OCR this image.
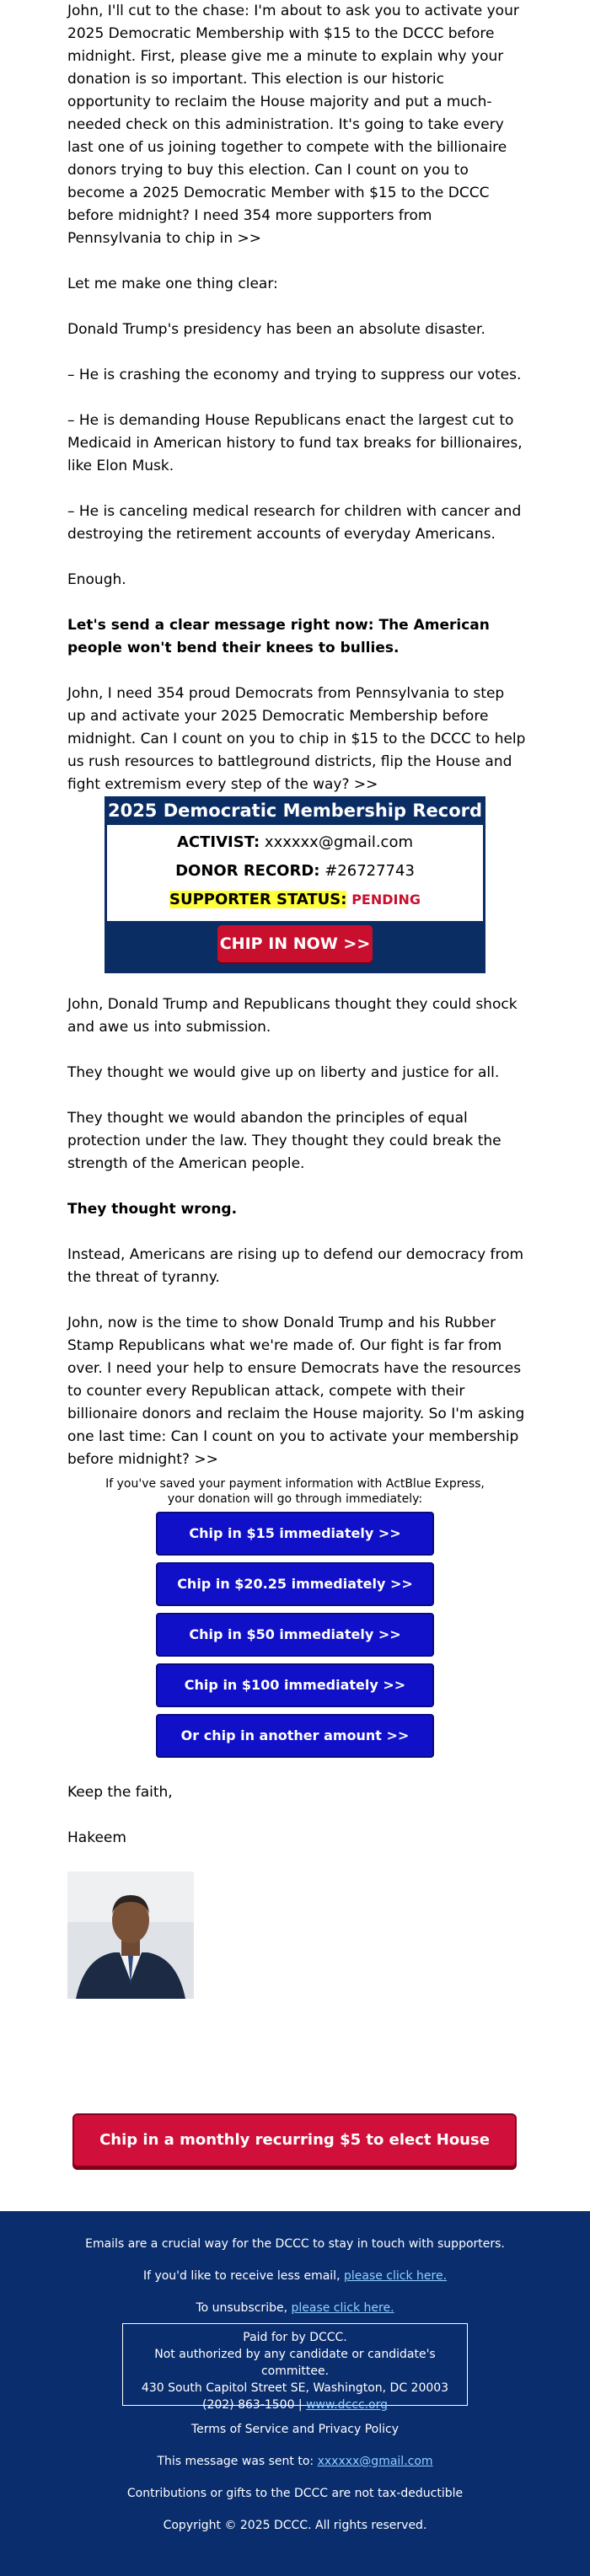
John, I'll cut to the chase: I'm about to ask you to activate your 2025 Democratic Membership with $15 to the DCCC before midnight. First, please give me a minute to explain why your donation is so important. This election is our historic opportunity to reclaim the House majority and put a much-needed check on this administration. It's going to take every last one of us joining together to compete with the billionaire donors trying to buy this election. Can I count on you to become a 2025 Democratic Member with $15 to the DCCC before midnight? I need 354 more supporters from Pennsylvania to chip in >>

Let me make one thing clear:

Donald Trump's presidency has been an absolute disaster.

– He is crashing the economy and trying to suppress our votes.

– He is demanding House Republicans enact the largest cut to Medicaid in American history to fund tax breaks for billionaires, like Elon Musk.

– He is canceling medical research for children with cancer and destroying the retirement accounts of everyday Americans.

Enough.

Let's send a clear message right now: The American people won't bend their knees to bullies.

John, I need 354 proud Democrats from Pennsylvania to step up and activate your 2025 Democratic Membership before midnight. Can I count on you to chip in $15 to the DCCC to help us rush resources to battleground districts, flip the House and fight extremism every step of the way? >>

2025 Democratic Membership Record
ACTIVIST: xxxxxx@gmail.com
DONOR RECORD: #26727743
SUPPORTER STATUS: PENDING
CHIP IN NOW >>

John, Donald Trump and Republicans thought they could shock and awe us into submission.

They thought we would give up on liberty and justice for all.

They thought we would abandon the principles of equal protection under the law. They thought they could break the strength of the American people.

They thought wrong.

Instead, Americans are rising up to defend our democracy from the threat of tyranny.

John, now is the time to show Donald Trump and his Rubber Stamp Republicans what we're made of. Our fight is far from over. I need your help to ensure Democrats have the resources to counter every Republican attack, compete with their billionaire donors and reclaim the House majority. So I'm asking one last time: Can I count on you to activate your membership before midnight? >>

If you've saved your payment information with ActBlue Express,
your donation will go through immediately:
Chip in $15 immediately >>
Chip in $20.25 immediately >>
Chip in $50 immediately >>
Chip in $100 immediately >>
Or chip in another amount >>
Keep the faith,
Hakeem
Chip in a monthly recurring $5 to elect House Dems >>
Emails are a crucial way for the DCCC to stay in touch with supporters.
If you'd like to receive less email, please click here.
To unsubscribe, please click here.
Paid for by DCCC.
Not authorized by any candidate or candidate's committee.
430 South Capitol Street SE, Washington, DC 20003
(202) 863-1500 | www.dccc.org
Terms of Service and Privacy Policy
This message was sent to: xxxxxx@gmail.com
Contributions or gifts to the DCCC are not tax-deductible
Copyright © 2025 DCCC. All rights reserved.
